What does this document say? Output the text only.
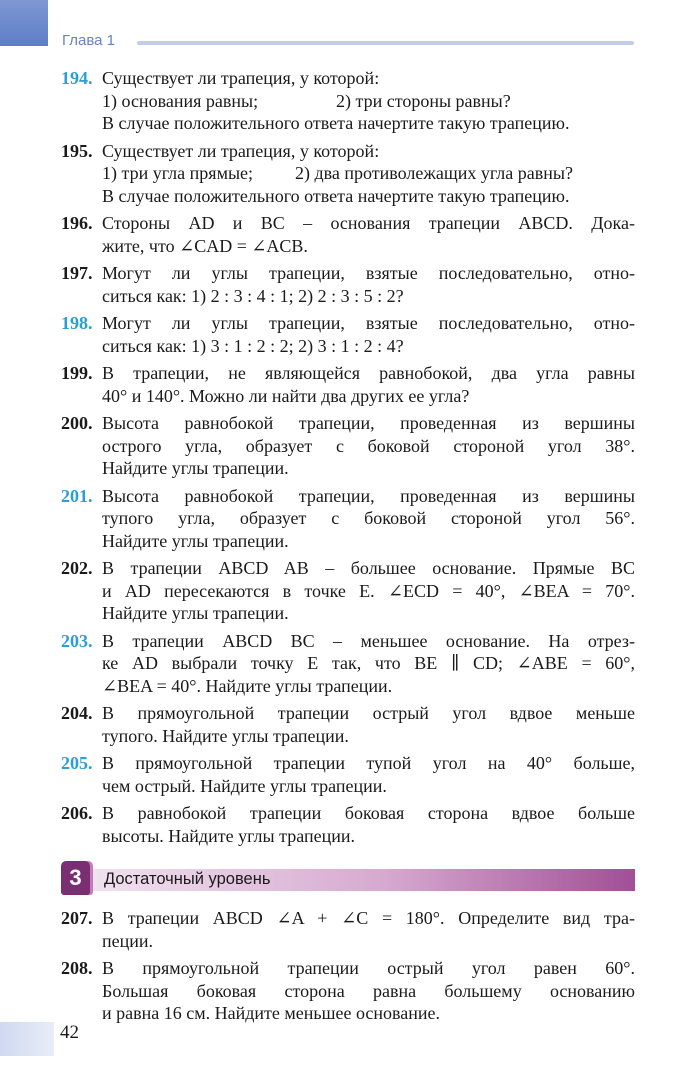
Глава 1
194. Существует ли трапеция, у которой:
1) основания равны;	2) три стороны равны?
В случае положительного ответа начертите такую трапецию.
195. Существует ли трапеция, у которой:
1) три угла прямые; 2) два противолежащих угла равны?
В случае положительного ответа начертите такую трапецию.
196. Стороны AD и BC – основания трапеции ABCD. Дока-
жите, что ∠CAD = ∠ACB.
197. Могут ли углы трапеции, взятые последовательно, отно-
ситься как: 1) 2 : 3 : 4 : 1; 2) 2 : 3 : 5 : 2?
198. Могут ли углы трапеции, взятые последовательно, отно-
ситься как: 1) 3 : 1 : 2 : 2; 2) 3 : 1 : 2 : 4?
199. В трапеции, не являющейся равнобокой, два угла равны
40° и 140°. Можно ли найти два других ее угла?
200. Высота равнобокой трапеции, проведенная из вершины
острого угла, образует с боковой стороной угол 38°.
Найдите углы трапеции.
201. Высота равнобокой трапеции, проведенная из вершины
тупого угла, образует с боковой стороной угол 56°.
Найдите углы трапеции.
202. В трапеции ABCD AB – большее основание. Прямые BC
и AD пересекаются в точке E. ∠ECD = 40°, ∠BEA = 70°.
Найдите углы трапеции.
203. В трапеции ABCD BC – меньшее основание. На отрез-
ке AD выбрали точку E так, что BE ∥ CD; ∠ABE = 60°,
∠BEA = 40°. Найдите углы трапеции.
204. В прямоугольной трапеции острый угол вдвое меньше
тупого. Найдите углы трапеции.
205. В прямоугольной трапеции тупой угол на 40° больше,
чем острый. Найдите углы трапеции.
206. В равнобокой трапеции боковая сторона вдвое больше
высоты. Найдите углы трапеции.
3	Достаточный уровень
207. В трапеции ABCD ∠A + ∠C = 180°. Определите вид тра-
пеции.
208. В прямоугольной трапеции острый угол равен 60°.
Большая боковая сторона равна большему основанию
и равна 16 см. Найдите меньшее основание.
42
